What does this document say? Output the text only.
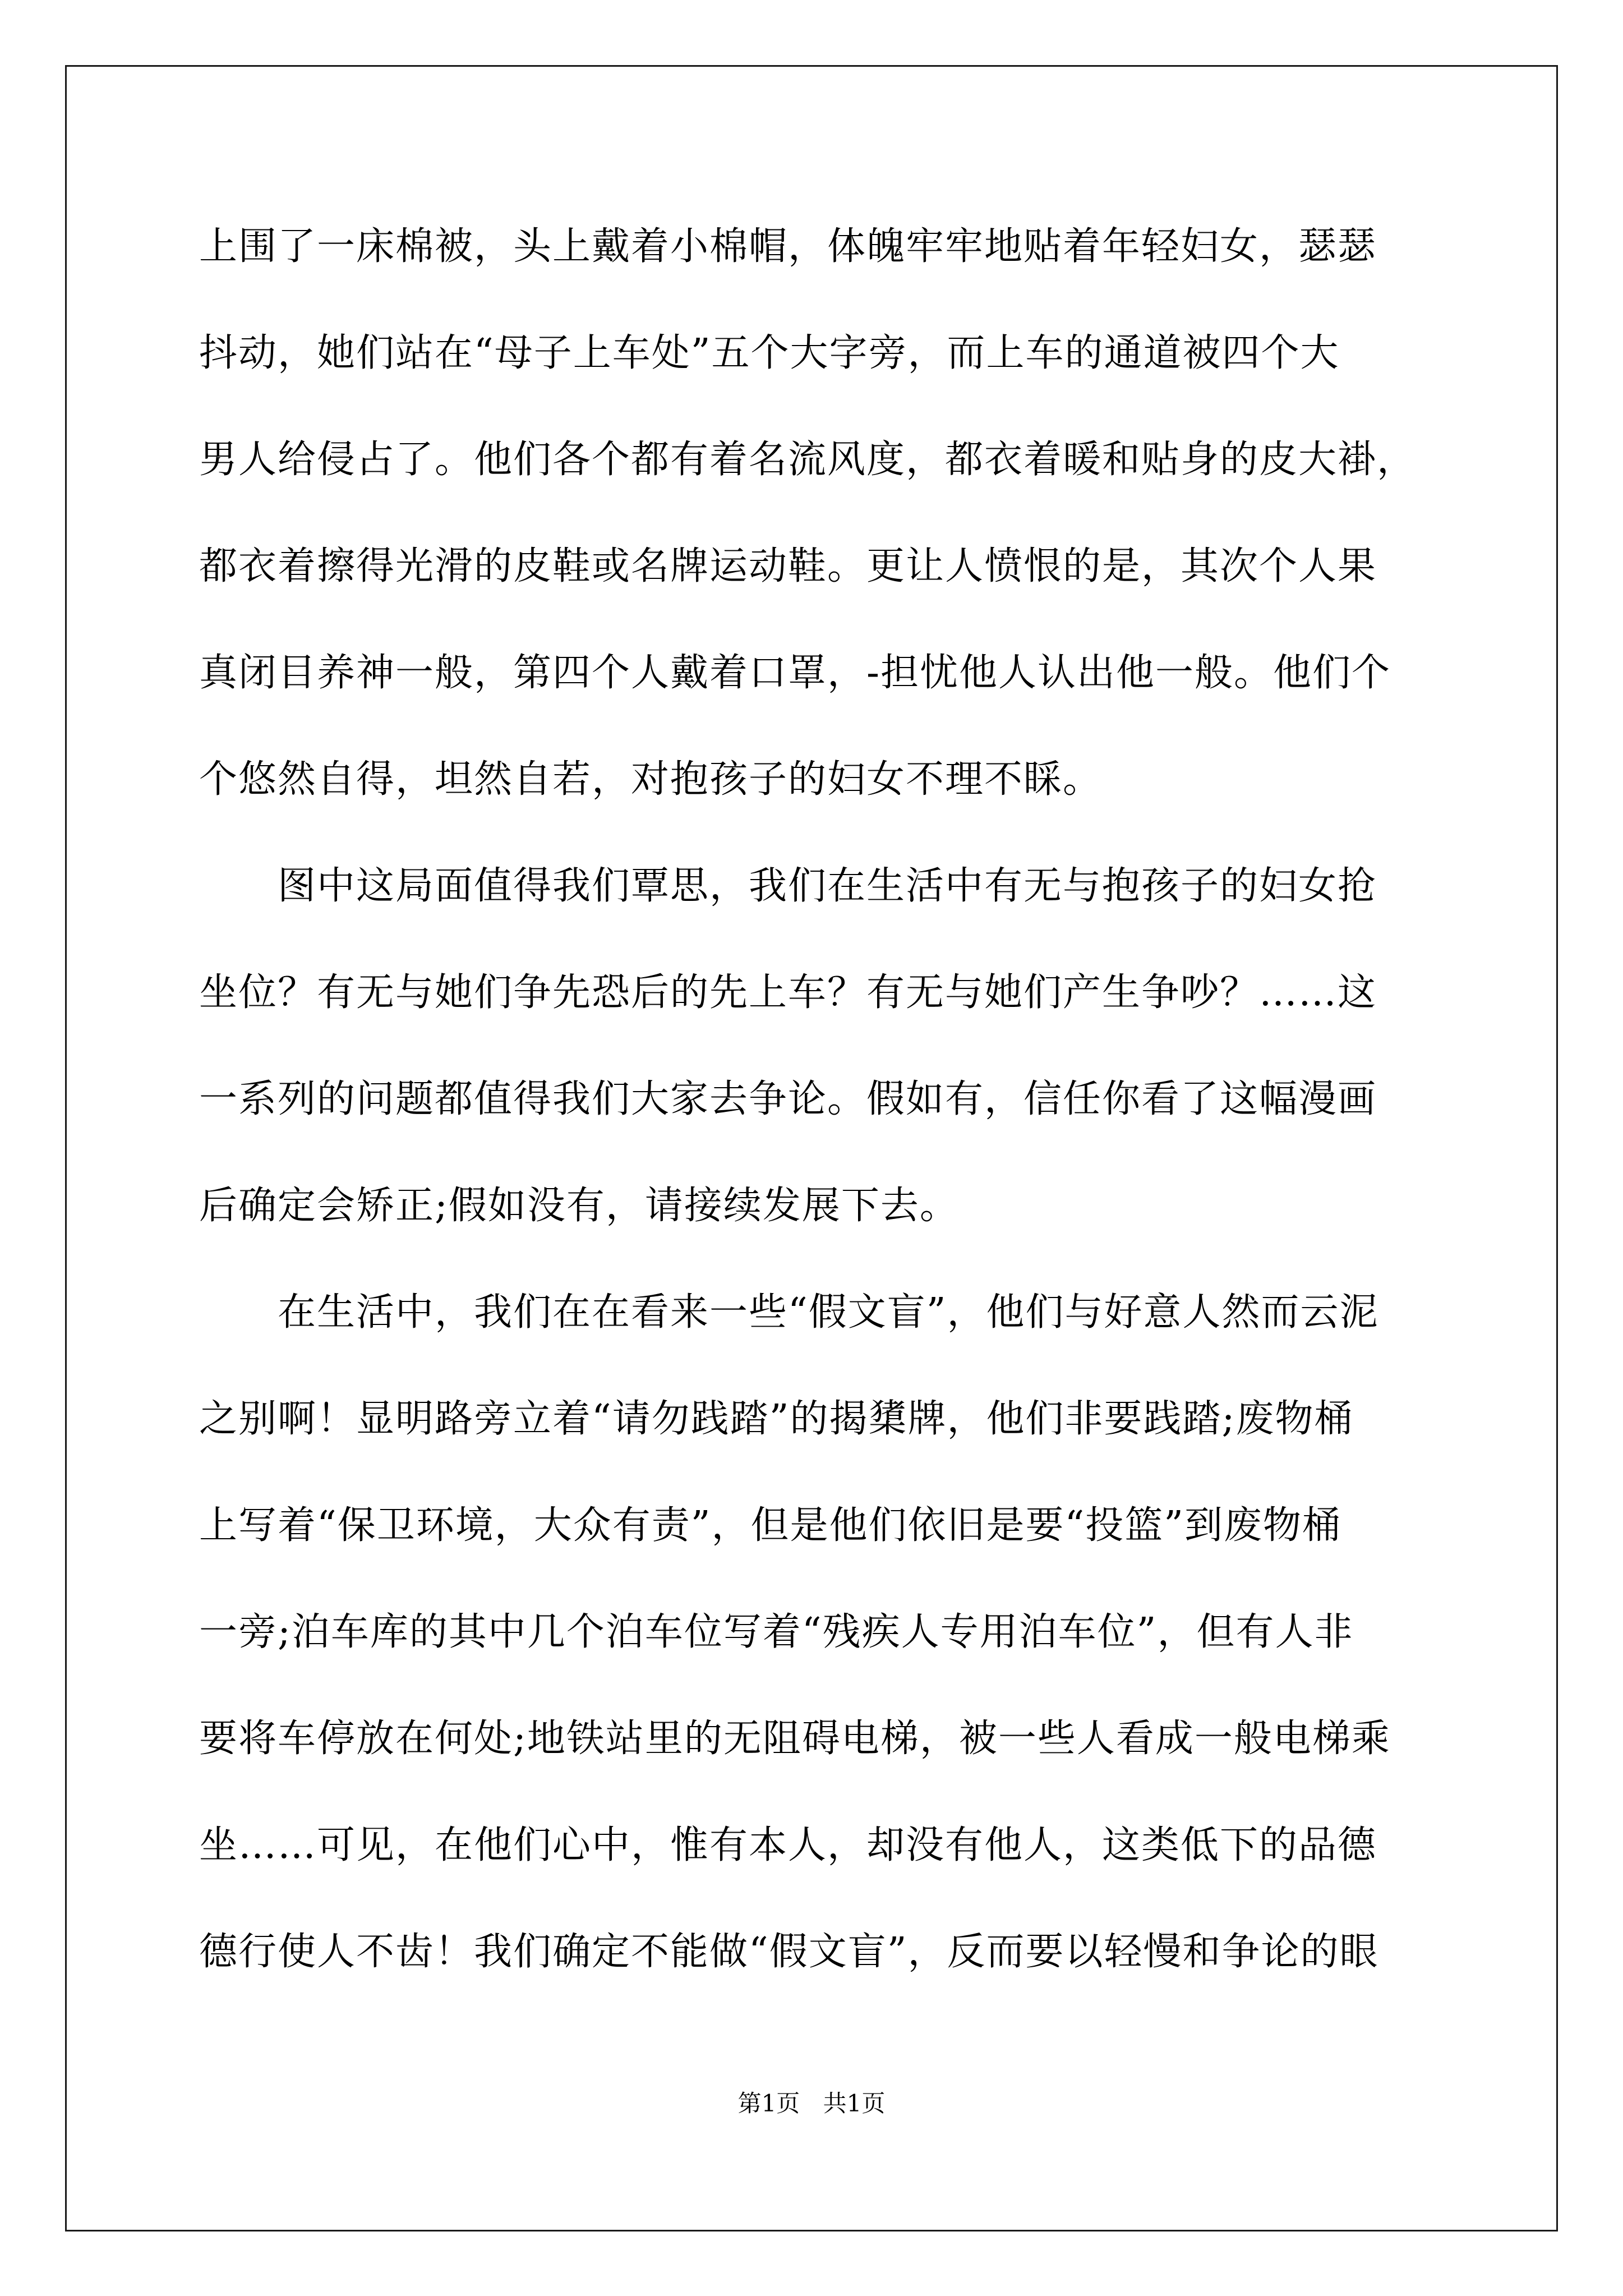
上围了一床棉被，头上戴着小棉帽，体魄牢牢地贴着年轻妇女，瑟瑟
抖动，她们站在“母子上车处”五个大字旁，而上车的通道被四个大
男人给侵占了。他们各个都有着名流风度，都衣着暖和贴身的皮大褂，
都衣着擦得光滑的皮鞋或名牌运动鞋。更让人愤恨的是，其次个人果
真闭目养神一般，第四个人戴着口罩，-担忧他人认出他一般。他们个
个悠然自得，坦然自若，对抱孩子的妇女不理不睬。
　　图中这局面值得我们覃思，我们在生活中有无与抱孩子的妇女抢
坐位？有无与她们争先恐后的先上车？有无与她们产生争吵？……这
一系列的问题都值得我们大家去争论。假如有，信任你看了这幅漫画
后确定会矫正;假如没有，请接续发展下去。
　　在生活中，我们在在看来一些“假文盲”，他们与好意人然而云泥
之别啊！显明路旁立着“请勿践踏”的揭橥牌，他们非要践踏;废物桶
上写着“保卫环境，大众有责”，但是他们依旧是要“投篮”到废物桶
一旁;泊车库的其中几个泊车位写着“残疾人专用泊车位”，但有人非
要将车停放在何处;地铁站里的无阻碍电梯，被一些人看成一般电梯乘
坐……可见，在他们心中，惟有本人，却没有他人，这类低下的品德
德行使人不齿！我们确定不能做“假文盲”，反而要以轻慢和争论的眼
第1页 共1页
